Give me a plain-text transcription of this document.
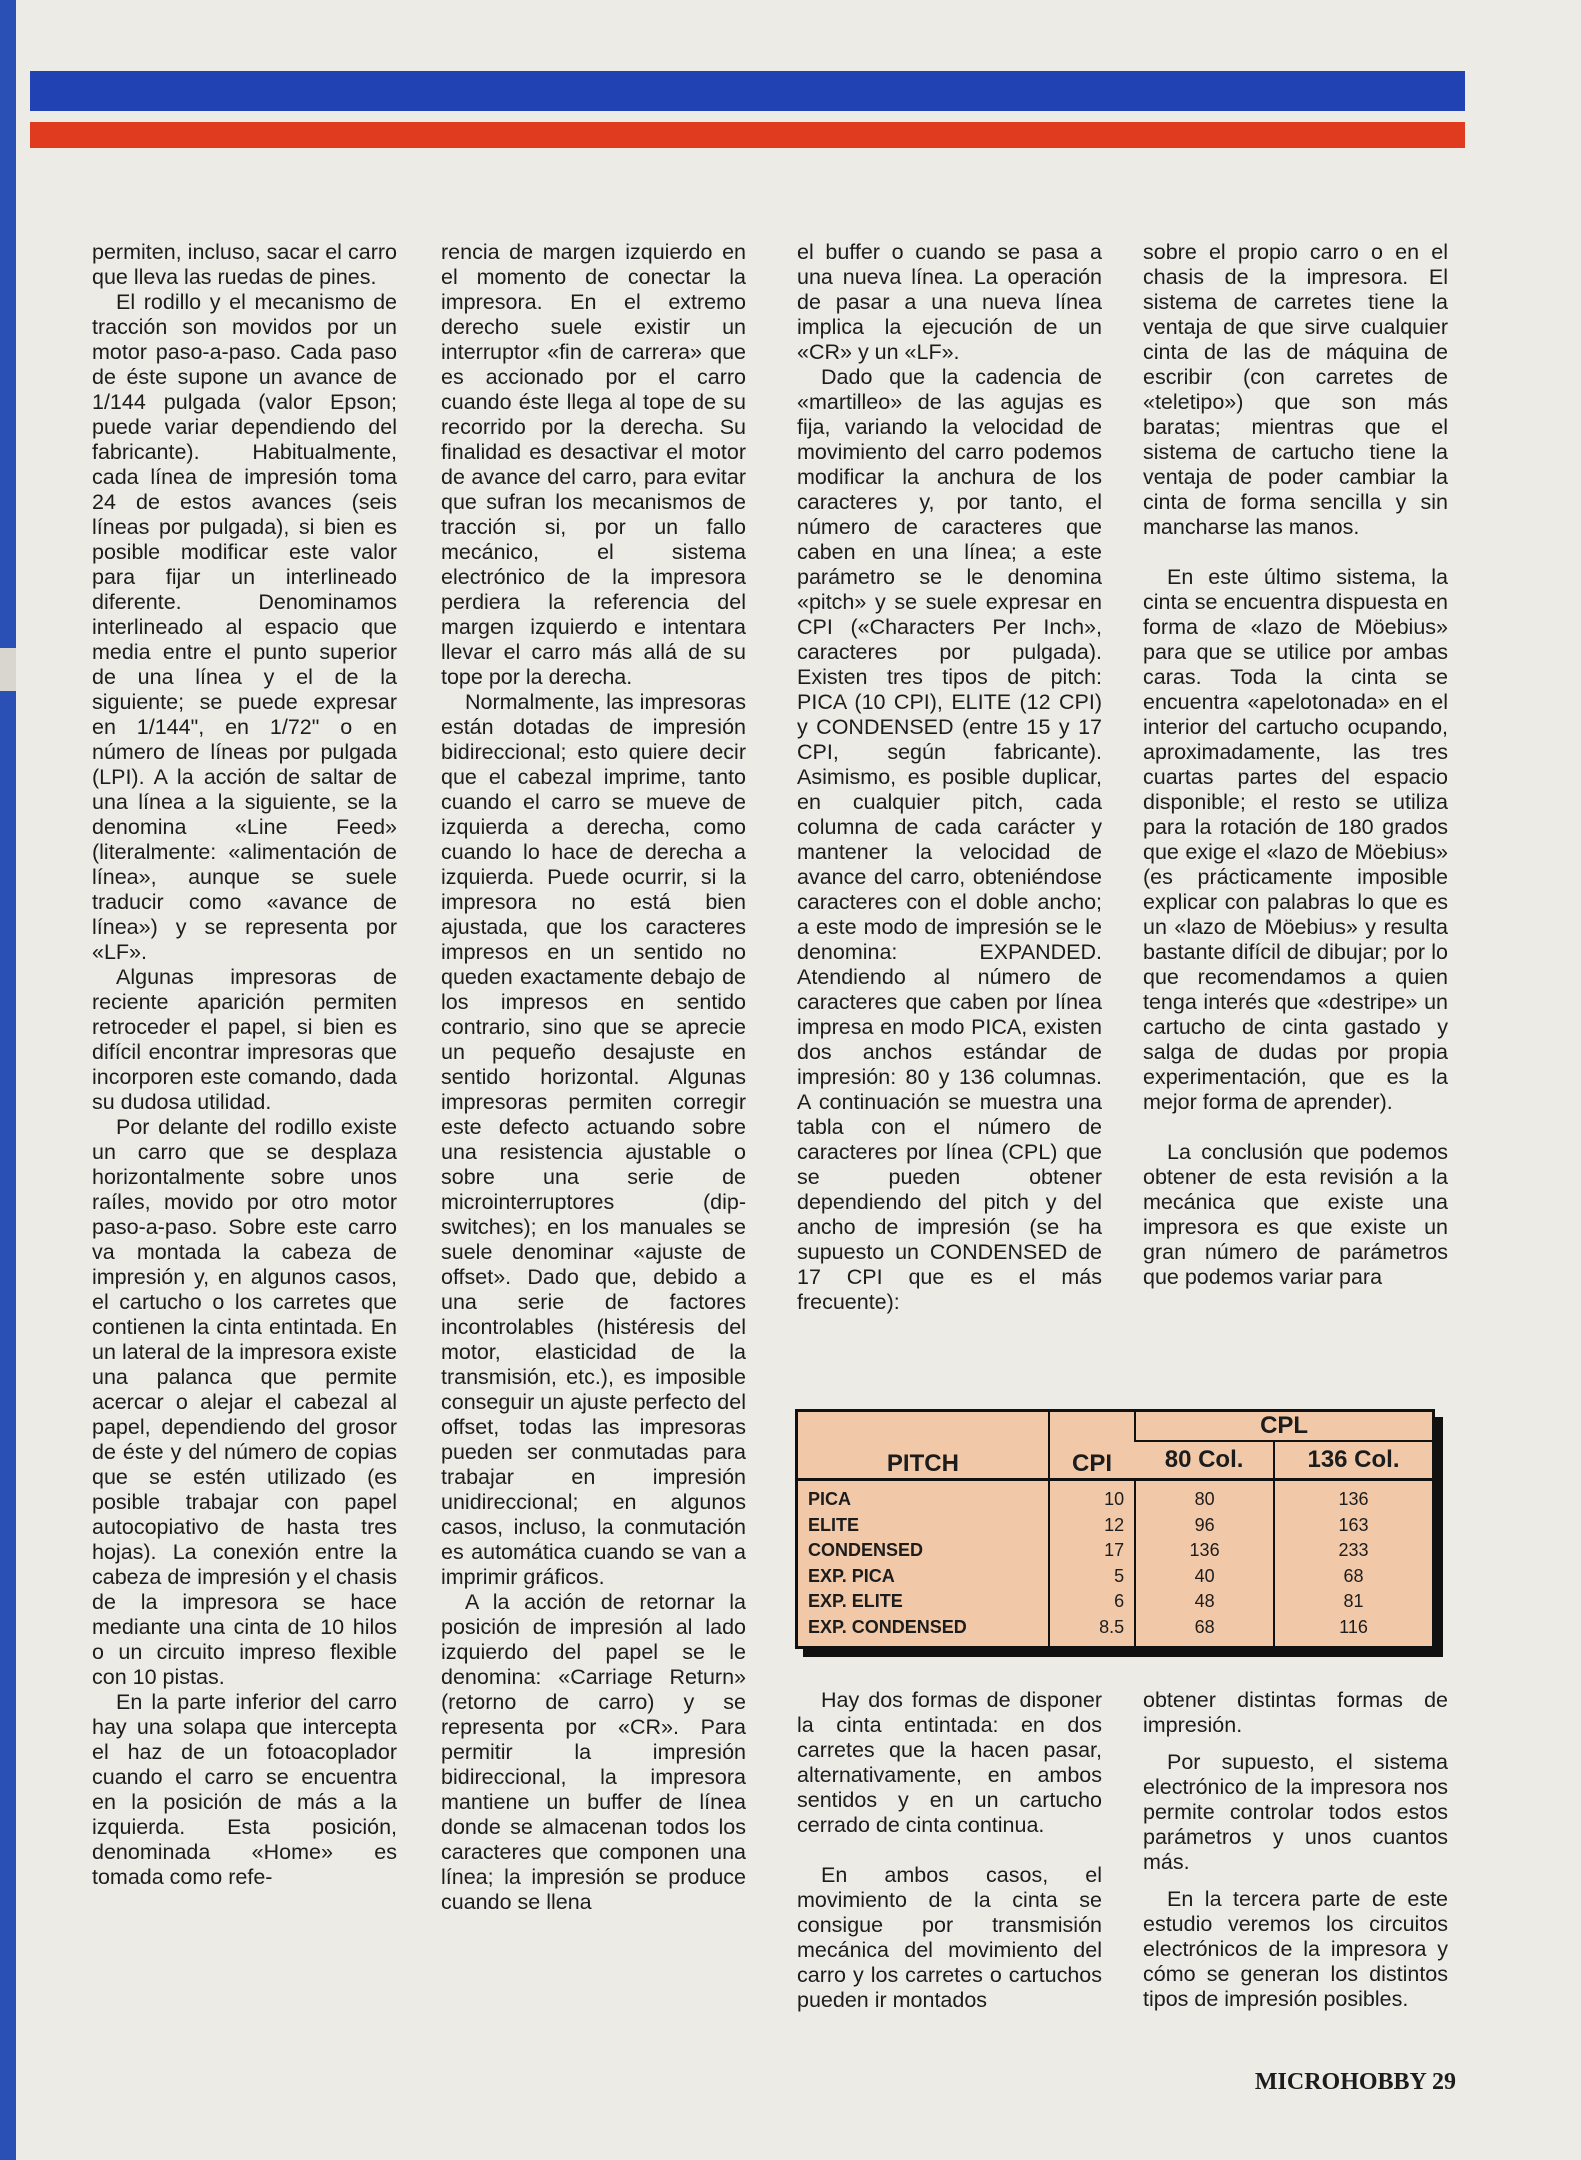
permiten, incluso, sacar el carro que lleva las ruedas de pines.

El rodillo y el mecanismo de tracción son movidos por un motor paso-a-paso. Cada paso de éste supone un avance de 1/144 pulgada (valor Epson; puede variar dependiendo del fabricante). Habitualmente, cada línea de impresión toma 24 de estos avances (seis líneas por pulgada), si bien es posible modificar este valor para fijar un interlineado diferente. Denominamos interlineado al espacio que media entre el punto superior de una línea y el de la siguiente; se puede expresar en 1/144", en 1/72" o en número de líneas por pulgada (LPI). A la acción de saltar de una línea a la siguiente, se la denomina «Line Feed» (literalmente: «alimentación de línea», aunque se suele traducir como «avance de línea») y se representa por «LF».

Algunas impresoras de reciente aparición permiten retroceder el papel, si bien es difícil encontrar impresoras que incorporen este comando, dada su dudosa utilidad.

Por delante del rodillo existe un carro que se desplaza horizontalmente sobre unos raíles, movido por otro motor paso-a-paso. Sobre este carro va montada la cabeza de impresión y, en algunos casos, el cartucho o los carretes que contienen la cinta entintada. En un lateral de la impresora existe una palanca que permite acercar o alejar el cabezal al papel, dependiendo del grosor de éste y del número de copias que se estén utilizado (es posible trabajar con papel autocopiativo de hasta tres hojas). La conexión entre la cabeza de impresión y el chasis de la impresora se hace mediante una cinta de 10 hilos o un circuito impreso flexible con 10 pistas.

En la parte inferior del carro hay una solapa que intercepta el haz de un fotoacoplador cuando el carro se encuentra en la posición de más a la izquierda. Esta posición, denominada «Home» es tomada como refe-

rencia de margen izquierdo en el momento de conectar la impresora. En el extremo derecho suele existir un interruptor «fin de carrera» que es accionado por el carro cuando éste llega al tope de su recorrido por la derecha. Su finalidad es desactivar el motor de avance del carro, para evitar que sufran los mecanismos de tracción si, por un fallo mecánico, el sistema electrónico de la impresora perdiera la referencia del margen izquierdo e intentara llevar el carro más allá de su tope por la derecha.

Normalmente, las impresoras están dotadas de impresión bidireccional; esto quiere decir que el cabezal imprime, tanto cuando el carro se mueve de izquierda a derecha, como cuando lo hace de derecha a izquierda. Puede ocurrir, si la impresora no está bien ajustada, que los caracteres impresos en un sentido no queden exactamente debajo de los impresos en sentido contrario, sino que se aprecie un pequeño desajuste en sentido horizontal. Algunas impresoras permiten corregir este defecto actuando sobre una resistencia ajustable o sobre una serie de microinterruptores (dip-switches); en los manuales se suele denominar «ajuste de offset». Dado que, debido a una serie de factores incontrolables (histéresis del motor, elasticidad de la transmisión, etc.), es imposible conseguir un ajuste perfecto del offset, todas las impresoras pueden ser conmutadas para trabajar en impresión unidireccional; en algunos casos, incluso, la conmutación es automática cuando se van a imprimir gráficos.

A la acción de retornar la posición de impresión al lado izquierdo del papel se le denomina: «Carriage Return» (retorno de carro) y se representa por «CR». Para permitir la impresión bidireccional, la impresora mantiene un buffer de línea donde se almacenan todos los caracteres que componen una línea; la impresión se produce cuando se llena

el buffer o cuando se pasa a una nueva línea. La operación de pasar a una nueva línea implica la ejecución de un «CR» y un «LF».

Dado que la cadencia de «martilleo» de las agujas es fija, variando la velocidad de movimiento del carro podemos modificar la anchura de los caracteres y, por tanto, el número de caracteres que caben en una línea; a este parámetro se le denomina «pitch» y se suele expresar en CPI («Characters Per Inch», caracteres por pulgada). Existen tres tipos de pitch: PICA (10 CPI), ELITE (12 CPI) y CONDENSED (entre 15 y 17 CPI, según fabricante). Asimismo, es posible duplicar, en cualquier pitch, cada columna de cada carácter y mantener la velocidad de avance del carro, obteniéndose caracteres con el doble ancho; a este modo de impresión se le denomina: EXPANDED. Atendiendo al número de caracteres que caben por línea impresa en modo PICA, existen dos anchos estándar de impresión: 80 y 136 columnas. A continuación se muestra una tabla con el número de caracteres por línea (CPL) que se pueden obtener dependiendo del pitch y del ancho de impresión (se ha supuesto un CONDENSED de 17 CPI que es el más frecuente):

sobre el propio carro o en el chasis de la impresora. El sistema de carretes tiene la ventaja de que sirve cualquier cinta de las de máquina de escribir (con carretes de «teletipo») que son más baratas; mientras que el sistema de cartucho tiene la ventaja de poder cambiar la cinta de forma sencilla y sin mancharse las manos.

En este último sistema, la cinta se encuentra dispuesta en forma de «lazo de Möebius» para que se utilice por ambas caras. Toda la cinta se encuentra «apelotonada» en el interior del cartucho ocupando, aproximadamente, las tres cuartas partes del espacio disponible; el resto se utiliza para la rotación de 180 grados que exige el «lazo de Möebius» (es prácticamente imposible explicar con palabras lo que es un «lazo de Möebius» y resulta bastante difícil de dibujar; por lo que recomendamos a quien tenga interés que «destripe» un cartucho de cinta gastado y salga de dudas por propia experimentación, que es la mejor forma de aprender).

La conclusión que podemos obtener de esta revisión a la mecánica que existe una impresora es que existe un gran número de parámetros que podemos variar para

PITCH	CPI	CPL	
		80 Col.	136 Col.
PICA	10	80	136
ELITE	12	96	163
CONDENSED	17	136	233
EXP. PICA	5	40	68
EXP. ELITE	6	48	81
EXP. CONDENSED	8.5	68	116

Hay dos formas de disponer la cinta entintada: en dos carretes que la hacen pasar, alternativamente, en ambos sentidos y en un cartucho cerrado de cinta continua.

En ambos casos, el movimiento de la cinta se consigue por transmisión mecánica del movimiento del carro y los carretes o cartuchos pueden ir montados

obtener distintas formas de impresión.

Por supuesto, el sistema electrónico de la impresora nos permite controlar todos estos parámetros y unos cuantos más.

En la tercera parte de este estudio veremos los circuitos electrónicos de la impresora y cómo se generan los distintos tipos de impresión posibles.

MICROHOBBY 29
